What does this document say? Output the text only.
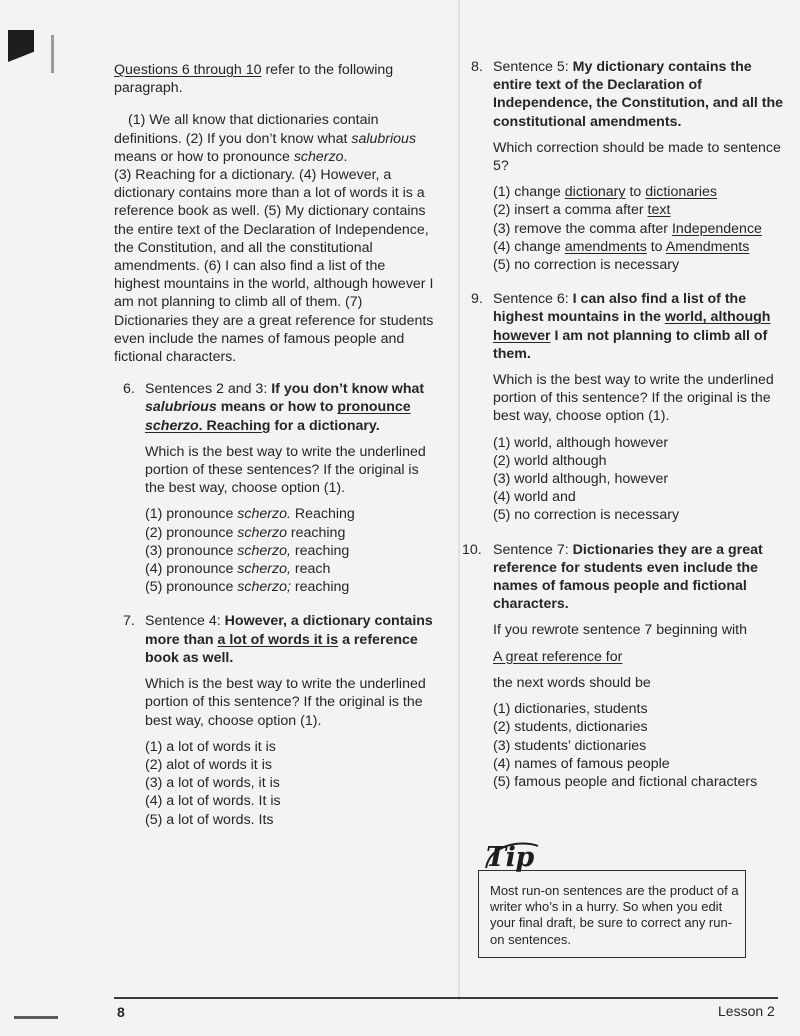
Questions 6 through 10 refer to the following paragraph.

(1) We all know that dictionaries contain definitions. (2) If you don’t know what salubrious means or how to pronounce scherzo.
(3) Reaching for a dictionary. (4) However, a dictionary contains more than a lot of words it is a reference book as well. (5) My dictionary contains the entire text of the Declaration of Independence, the Constitution, and all the constitutional amendments. (6) I can also find a list of the highest mountains in the world, although however I am not planning to climb all of them. (7) Dictionaries they are a great reference for students even include the names of famous people and fictional characters.

6. Sentences 2 and 3: If you don’t know what salubrious means or how to pronounce scherzo. Reaching for a dictionary.

Which is the best way to write the underlined portion of these sentences? If the original is the best way, choose option (1).

(1) pronounce scherzo. Reaching
(2) pronounce scherzo reaching
(3) pronounce scherzo, reaching
(4) pronounce scherzo, reach
(5) pronounce scherzo; reaching
7. Sentence 4: However, a dictionary contains more than a lot of words it is a reference book as well.

Which is the best way to write the underlined portion of this sentence? If the original is the best way, choose option (1).

(1) a lot of words it is
(2) alot of words it is
(3) a lot of words, it is
(4) a lot of words. It is
(5) a lot of words. Its
8. Sentence 5: My dictionary contains the entire text of the Declaration of Independence, the Constitution, and all the constitutional amendments.

Which correction should be made to sentence 5?

(1) change dictionary to dictionaries
(2) insert a comma after text
(3) remove the comma after Independence
(4) change amendments to Amendments
(5) no correction is necessary
9. Sentence 6: I can also find a list of the highest mountains in the world, although however I am not planning to climb all of them.

Which is the best way to write the underlined portion of this sentence? If the original is the best way, choose option (1).

(1) world, although however
(2) world although
(3) world although, however
(4) world and
(5) no correction is necessary
10. Sentence 7: Dictionaries they are a great reference for students even include the names of famous people and fictional characters.

If you rewrote sentence 7 beginning with

A great reference for

the next words should be

(1) dictionaries, students
(2) students, dictionaries
(3) students’ dictionaries
(4) names of famous people
(5) famous people and fictional characters
Tip
Most run-on sentences are the product of a writer who’s in a hurry. So when you edit your final draft, be sure to correct any run-on sentences.
8	Lesson 2
